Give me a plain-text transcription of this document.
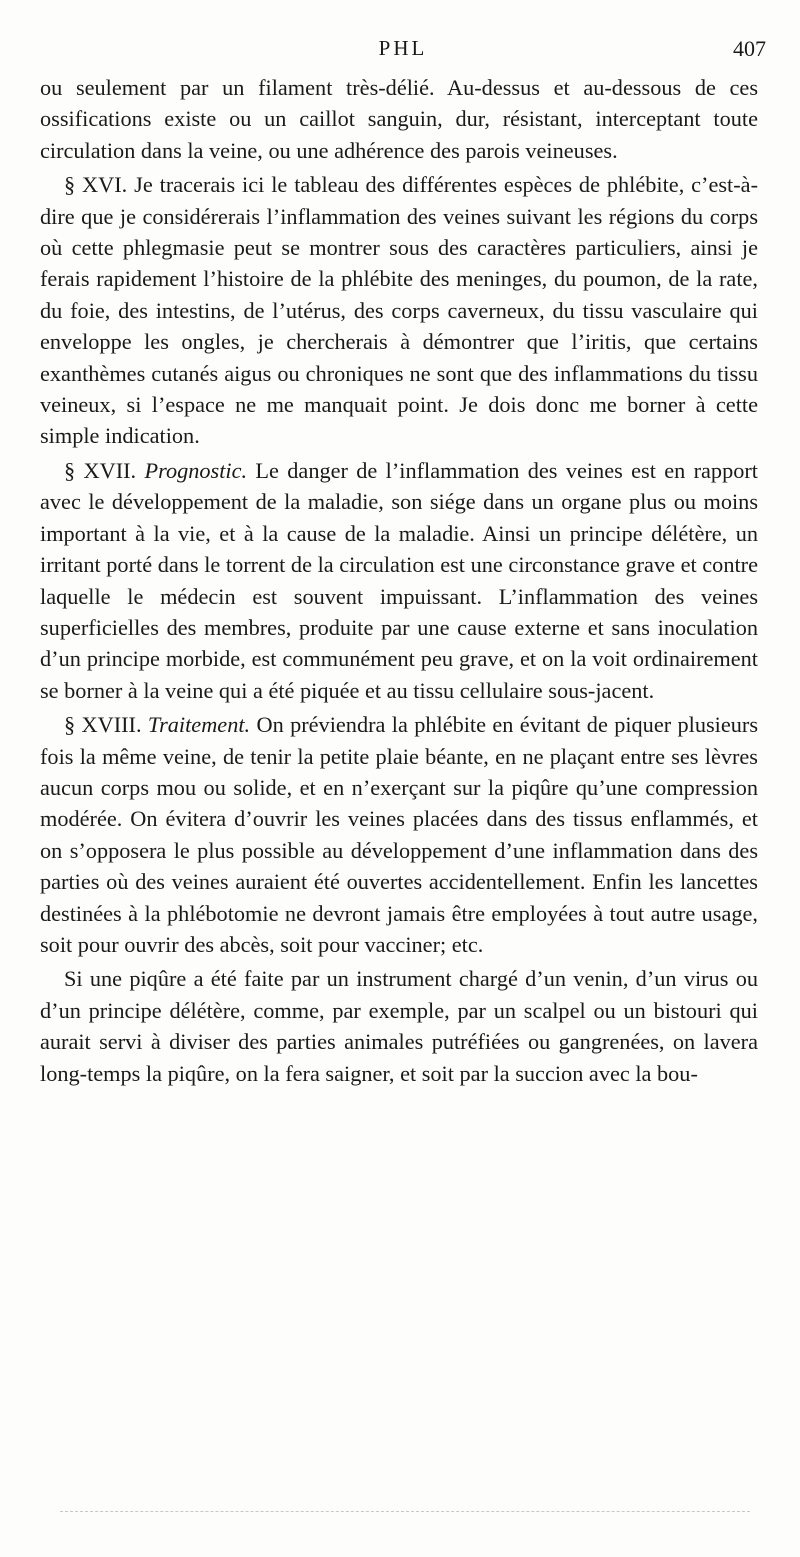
PHL	407

ou seulement par un filament très-délié. Au-dessus et au-dessous de ces ossifications existe ou un caillot sanguin, dur, résistant, interceptant toute circulation dans la veine, ou une adhérence des parois veineuses.

§ XVI. Je tracerais ici le tableau des différentes espèces de phlébite, c’est-à-dire que je considérerais l’inflammation des veines suivant les régions du corps où cette phlegmasie peut se montrer sous des caractères particuliers, ainsi je ferais rapidement l’histoire de la phlébite des meninges, du poumon, de la rate, du foie, des intestins, de l’utérus, des corps caverneux, du tissu vasculaire qui enveloppe les ongles, je chercherais à démontrer que l’iritis, que certains exanthèmes cutanés aigus ou chroniques ne sont que des inflammations du tissu veineux, si l’espace ne me manquait point. Je dois donc me borner à cette simple indication.

§ XVII. Prognostic. Le danger de l’inflammation des veines est en rapport avec le développement de la maladie, son siége dans un organe plus ou moins important à la vie, et à la cause de la maladie. Ainsi un principe délétère, un irritant porté dans le torrent de la circulation est une circonstance grave et contre laquelle le médecin est souvent impuissant. L’inflammation des veines superficielles des membres, produite par une cause externe et sans inoculation d’un principe morbide, est communément peu grave, et on la voit ordinairement se borner à la veine qui a été piquée et au tissu cellulaire sous-jacent.

§ XVIII. Traitement. On préviendra la phlébite en évitant de piquer plusieurs fois la même veine, de tenir la petite plaie béante, en ne plaçant entre ses lèvres aucun corps mou ou solide, et en n’exerçant sur la piqûre qu’une compression modérée. On évitera d’ouvrir les veines placées dans des tissus enflammés, et on s’opposera le plus possible au développement d’une inflammation dans des parties où des veines auraient été ouvertes accidentellement. Enfin les lancettes destinées à la phlébotomie ne devront jamais être employées à tout autre usage, soit pour ouvrir des abcès, soit pour vacciner; etc.

Si une piqûre a été faite par un instrument chargé d’un venin, d’un virus ou d’un principe délétère, comme, par exemple, par un scalpel ou un bistouri qui aurait servi à diviser des parties animales putréfiées ou gangrenées, on lavera long-temps la piqûre, on la fera saigner, et soit par la succion avec la bou-
